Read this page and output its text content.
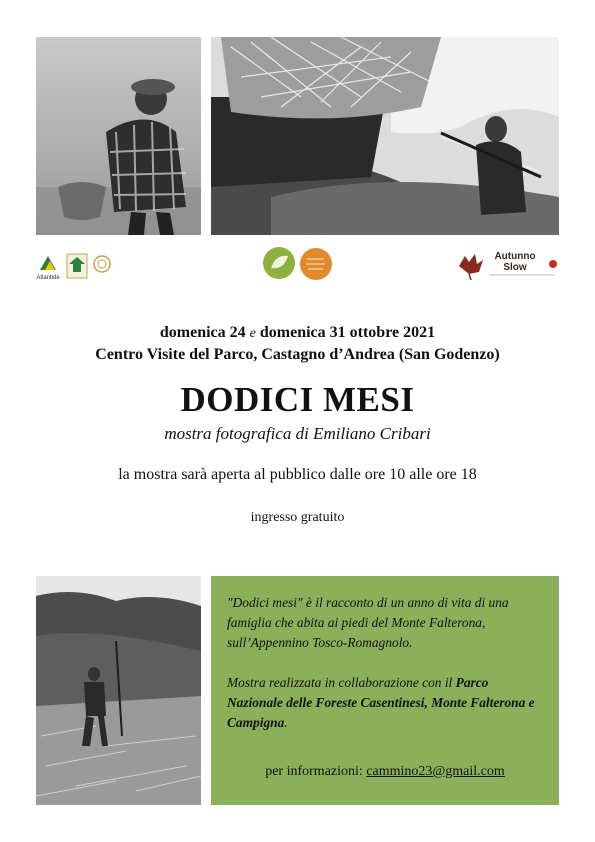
Atlantide
Autunno
Slow
domenica 24 e domenica 31 ottobre 2021
Centro Visite del Parco, Castagno d’Andrea (San Godenzo)
DODICI MESI
mostra fotografica di Emiliano Cribari
la mostra sarà aperta al pubblico dalle ore 10 alle ore 18
ingresso gratuito
"Dodici mesi" è il racconto di un anno di vita di una famiglia che abita ai piedi del Monte Falterona, sull’Appennino Tosco-Romagnolo.
Mostra realizzata in collaborazione con il Parco Nazionale delle Foreste Casentinesi, Monte Falterona e Campigna.
per informazioni: cammino23@gmail.com
